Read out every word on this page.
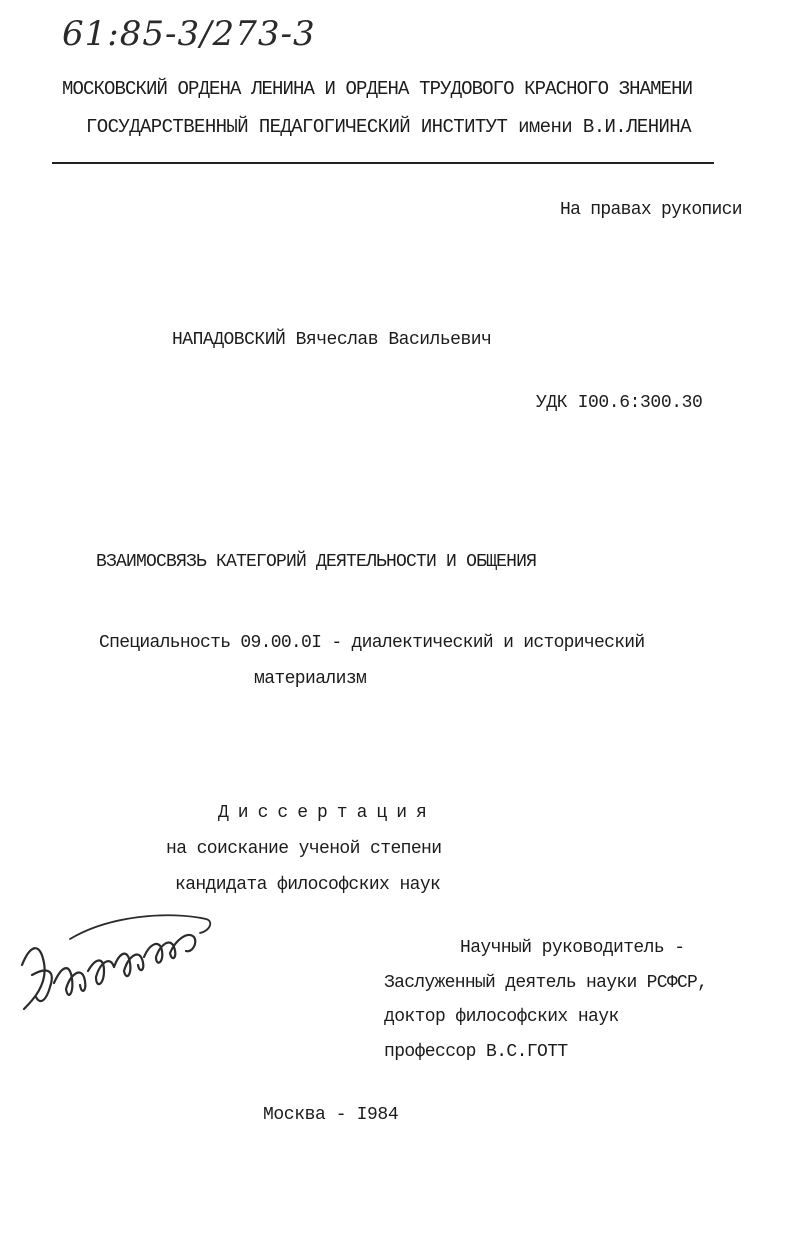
61:85-3/273-3
МОСКОВСКИЙ ОРДЕНА ЛЕНИНА И ОРДЕНА ТРУДОВОГО КРАСНОГО ЗНАМЕНИ
ГОСУДАРСТВЕННЫЙ ПЕДАГОГИЧЕСКИЙ ИНСТИТУТ имени В.И.ЛЕНИНА
На правах рукописи
НАПАДОВСКИЙ Вячеслав Васильевич
УДК I00.6:300.30
ВЗАИМОСВЯЗЬ КАТЕГОРИЙ ДЕЯТЕЛЬНОСТИ И ОБЩЕНИЯ
Специальность 09.00.0I - диалектический и исторический
материализм
Диссертация
на соискание ученой степени
кандидата философских наук
Научный руководитель -
Заслуженный деятель науки РСФСР,
доктор философских наук
профессор В.С.ГОТТ
Москва - I984
